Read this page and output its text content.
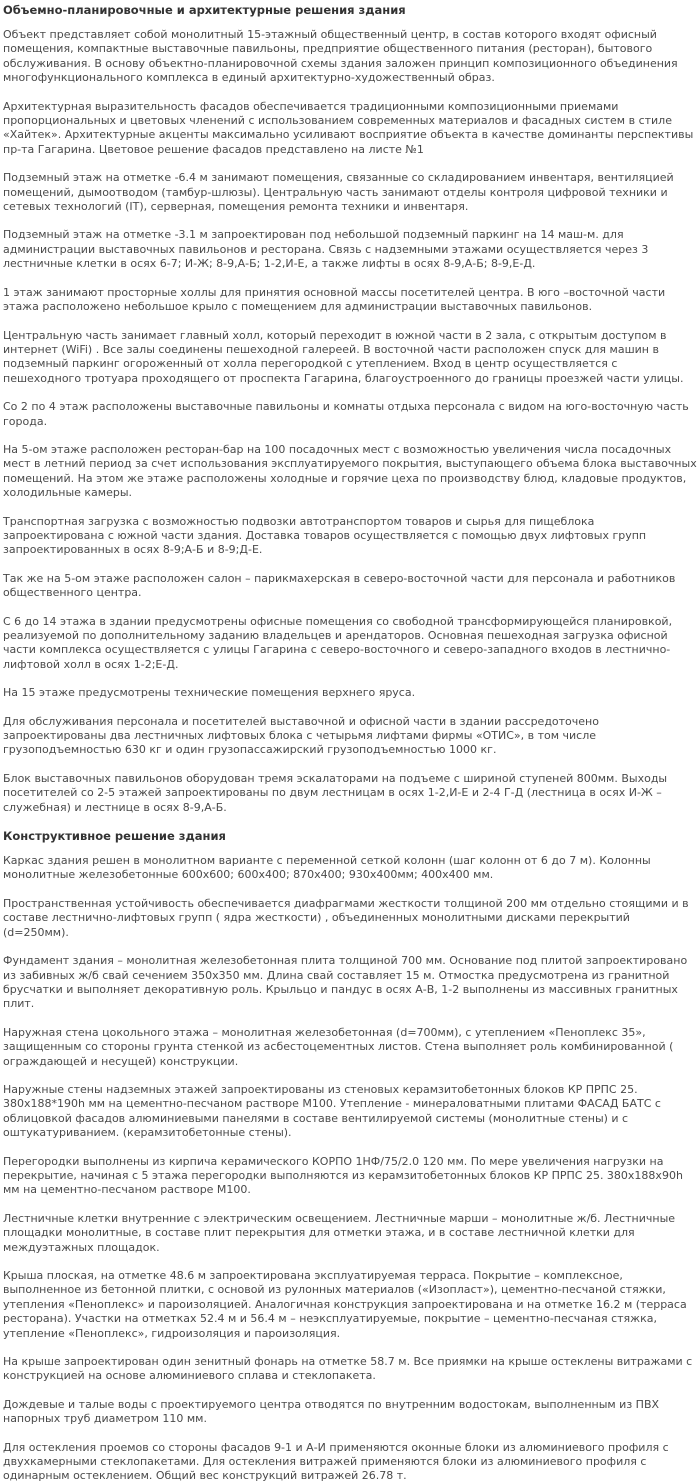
Объемно-планировочные и архитектурные решения здания

Объект представляет собой монолитный 15-этажный общественный центр, в состав которого входят офисный помещения, компактные выставочные павильоны, предприятие общественного питания (ресторан), бытового обслуживания. В основу объектно-планировочной схемы здания заложен принцип композиционного объединения многофункционального комплекса в единый архитектурно-художественный образ.

Архитектурная выразительность фасадов обеспечивается традиционными композиционными приемами пропорциональных и цветовых членений с использованием современных материалов и фасадных систем в стиле «Хайтек». Архитектурные акценты максимально усиливают восприятие объекта в качестве доминанты перспективы пр-та Гагарина. Цветовое решение фасадов представлено на листе №1

Подземный этаж на отметке -6.4 м занимают помещения, связанные со складированием инвентаря, вентиляцией помещений, дымоотводом (тамбур-шлюзы). Центральную часть занимают отделы контроля цифровой техники и сетевых технологий (IT), серверная, помещения ремонта техники и инвентаря.

Подземный этаж на отметке -3.1 м запроектирован под небольшой подземный паркинг на 14 маш-м. для администрации выставочных павильонов и ресторана. Связь с надземными этажами осуществляется через 3 лестничные клетки в осях 6-7; И-Ж; 8-9,А-Б; 1-2,И-Е, а также лифты в осях 8-9,А-Б; 8-9,Е-Д.

1 этаж занимают просторные холлы для принятия основной массы посетителей центра. В юго –восточной части этажа расположено небольшое крыло с помещением для администрации выставочных павильонов.

Центральную часть занимает главный холл, который переходит в южной части в 2 зала, с открытым доступом в интернет (WiFi) . Все залы соединены пешеходной галереей. В восточной части расположен спуск для машин в подземный паркинг огороженный от холла перегородкой с утеплением. Вход в центр осуществляется с пешеходного тротуара проходящего от проспекта Гагарина, благоустроенного до границы проезжей части улицы.

Со 2 по 4 этаж расположены выставочные павильоны и комнаты отдыха персонала с видом на юго-восточную часть города.

На 5-ом этаже расположен ресторан-бар на 100 посадочных мест с возможностью увеличения числа посадочных мест в летний период за счет использования эксплуатируемого покрытия, выступающего объема блока выставочных помещений. На этом же этаже расположены холодные и горячие цеха по производству блюд, кладовые продуктов, холодильные камеры.

Транспортная загрузка с возможностью подвозки автотранспортом товаров и сырья для пищеблока запроектирована с южной части здания. Доставка товаров осуществляется с помощью двух лифтовых групп запроектированных в осях 8-9;А-Б и 8-9;Д-Е.

Так же на 5-ом этаже расположен салон – парикмахерская в северо-восточной части для персонала и работников общественного центра.

С 6 до 14 этажа в здании предусмотрены офисные помещения со свободной трансформирующейся планировкой, реализуемой по дополнительному заданию владельцев и арендаторов. Основная пешеходная загрузка офисной части комплекса осуществляется с улицы Гагарина с северо-восточного и северо-западного входов в лестнично-лифтовой холл в осях 1-2;Е-Д.

На 15 этаже предусмотрены технические помещения верхнего яруса.

Для обслуживания персонала и посетителей выставочной и офисной части в здании рассредоточено запроектированы два лестничных лифтовых блока с четырьмя лифтами фирмы «ОТИС», в том числе грузоподъемностью 630 кг и один грузопассажирский грузоподъемностью 1000 кг.

Блок выставочных павильонов оборудован тремя эскалаторами на подъеме с шириной ступеней 800мм. Выходы посетителей со 2-5 этажей запроектированы по двум лестницам в осях 1-2,И-Е и 2-4 Г-Д (лестница в осях И-Ж – служебная) и лестнице в осях 8-9,А-Б.

Конструктивное решение здания

Каркас здания решен в монолитном варианте с переменной сеткой колонн (шаг колонн от 6 до 7 м). Колонны монолитные железобетонные 600х600; 600х400; 870х400; 930х400мм; 400х400 мм.

Пространственная устойчивость обеспечивается диафрагмами жесткости толщиной 200 мм отдельно стоящими и в составе лестнично-лифтовых групп ( ядра жесткости) , объединенных монолитными дисками перекрытий (d=250мм).

Фундамент здания – монолитная железобетонная плита толщиной 700 мм. Основание под плитой запроектировано из забивных ж/б свай сечением 350х350 мм. Длина свай составляет 15 м. Отмостка предусмотрена из гранитной брусчатки и выполняет декоративную роль. Крыльцо и пандус в осях А-В, 1-2 выполнены из массивных гранитных плит.

Наружная стена цокольного этажа – монолитная железобетонная (d=700мм), с утеплением «Пеноплекс 35», защищенным со стороны грунта стенкой из асбестоцементных листов. Стена выполняет роль комбинированной ( ограждающей и несущей) конструкции.

Наружные стены надземных этажей запроектированы из стеновых керамзитобетонных блоков КР ПРПС 25. 380х188*190h мм на цементно-песчаном растворе М100. Утепление - минераловатными плитами ФАСАД БАТС с облицовкой фасадов алюминиевыми панелями в составе вентилируемой системы (монолитные стены) и с оштукатуриванием. (керамзитобетонные стены).

Перегородки выполнены из кирпича керамического КОРПО 1НФ/75/2.0 120 мм. По мере увеличения нагрузки на перекрытие, начиная с 5 этажа перегородки выполняются из керамзитобетонных блоков КР ПРПС 25. 380х188х90h мм на цементно-песчаном растворе М100.

Лестничные клетки внутренние с электрическим освещением. Лестничные марши – монолитные ж/б. Лестничные площадки монолитные, в составе плит перекрытия для отметки этажа, и в составе лестничной клетки для междуэтажных площадок.

Крыша плоская, на отметке 48.6 м запроектирована эксплуатируемая терраса. Покрытие – комплексное, выполненное из бетонной плитки, с основой из рулонных материалов («Изопласт»), цементно-песчаной стяжки, утепления «Пеноплекс» и пароизоляцией. Аналогичная конструкция запроектирована и на отметке 16.2 м (терраса ресторана). Участки на отметках 52.4 м и 56.4 м – неэксплуатируемые, покрытие – цементно-песчаная стяжка, утепление «Пеноплекс», гидроизоляция и пароизоляция.

На крыше запроектирован один зенитный фонарь на отметке 58.7 м. Все приямки на крыше остеклены витражами с конструкцией на основе алюминиевого сплава и стеклопакета.

Дождевые и талые воды с проектируемого центра отводятся по внутренним водостокам, выполненным из ПВХ напорных труб диаметром 110 мм.

Для остекления проемов со стороны фасадов 9-1 и А-И применяются оконные блоки из алюминиевого профиля с двухкамерными стеклопакетами. Для остекления витражей применяются блоки из алюминиевого профиля с одинарным остеклением. Общий вес конструкций витражей 26.78 т.
